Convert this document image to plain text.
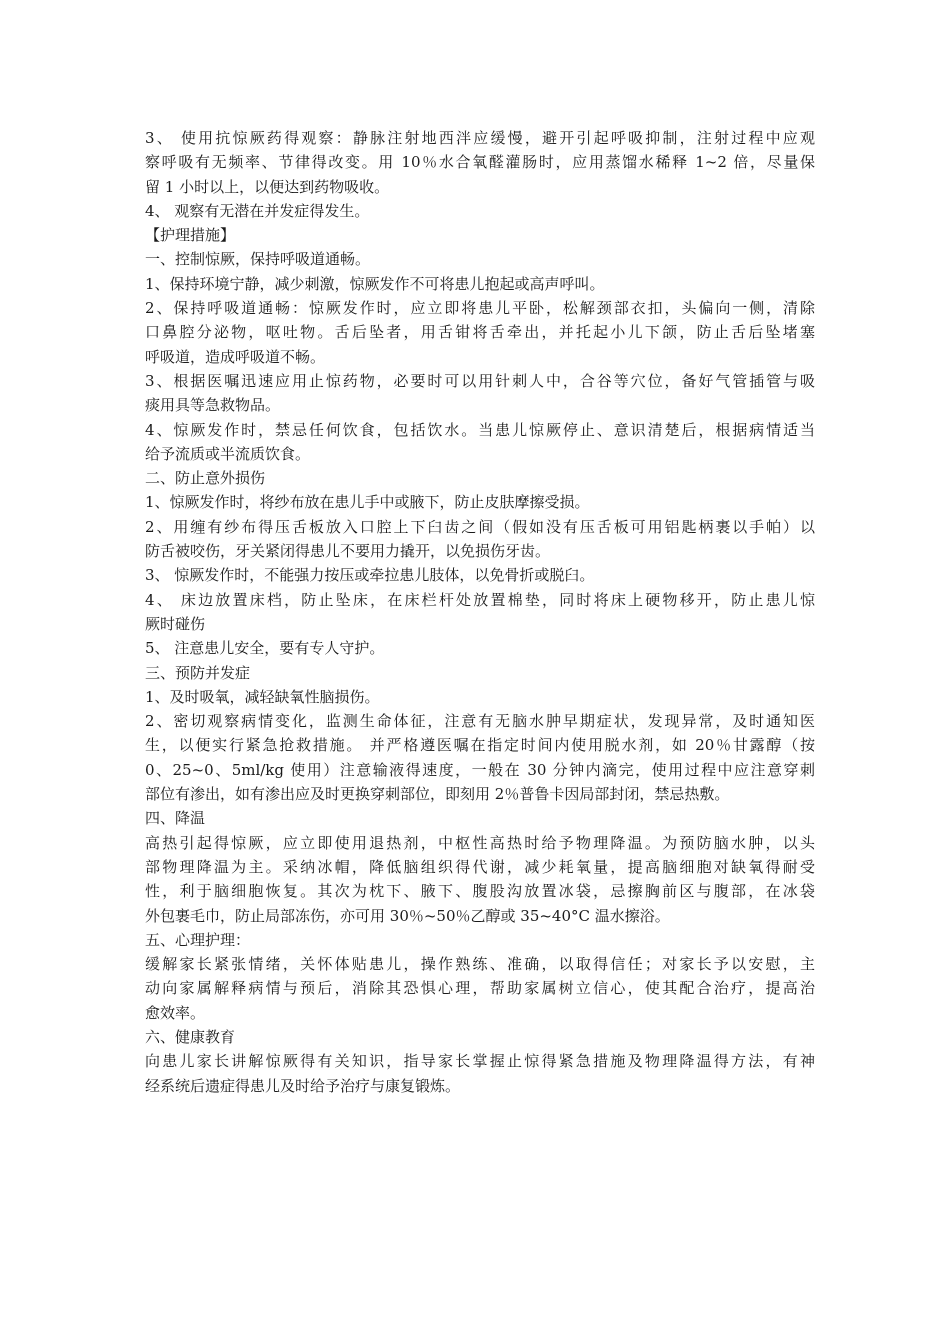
3、 使用抗惊厥药得观察：静脉注射地西泮应缓慢，避开引起呼吸抑制，注射过程中应观
察呼吸有无频率、节律得改变。用 10％水合氧醛灌肠时，应用蒸馏水稀释 1~2 倍，尽量保
留 1 小时以上，以便达到药物吸收。
4、 观察有无潜在并发症得发生。
【护理措施】
一、控制惊厥，保持呼吸道通畅。
1、保持环境宁静，减少刺激，惊厥发作不可将患儿抱起或高声呼叫。
2、保持呼吸道通畅：惊厥发作时，应立即将患儿平卧，松解颈部衣扣，头偏向一侧，清除
口鼻腔分泌物，呕吐物。舌后坠者，用舌钳将舌牵出，并托起小儿下颌，防止舌后坠堵塞
呼吸道，造成呼吸道不畅。
3、根据医嘱迅速应用止惊药物，必要时可以用针刺人中，合谷等穴位，备好气管插管与吸
痰用具等急救物品。
4、惊厥发作时，禁忌任何饮食，包括饮水。当患儿惊厥停止、意识清楚后，根据病情适当
给予流质或半流质饮食。
二、防止意外损伤
1、惊厥发作时，将纱布放在患儿手中或腋下，防止皮肤摩擦受损。
2、用缠有纱布得压舌板放入口腔上下臼齿之间（假如没有压舌板可用铝匙柄裹以手帕）以
防舌被咬伤，牙关紧闭得患儿不要用力撬开，以免损伤牙齿。
3、 惊厥发作时，不能强力按压或牵拉患儿肢体，以免骨折或脱臼。
4、 床边放置床档，防止坠床，在床栏杆处放置棉垫，同时将床上硬物移开，防止患儿惊
厥时碰伤
5、 注意患儿安全，要有专人守护。
三、预防并发症
1、及时吸氧，减轻缺氧性脑损伤。
2、密切观察病情变化，监测生命体征，注意有无脑水肿早期症状，发现异常，及时通知医
生，以便实行紧急抢救措施。 并严格遵医嘱在指定时间内使用脱水剂，如 20％甘露醇（按
0、25~0、5ml/kg 使用）注意输液得速度，一般在 30 分钟内滴完，使用过程中应注意穿刺
部位有渗出，如有渗出应及时更换穿刺部位，即刻用 2％普鲁卡因局部封闭，禁忌热敷。
四、降温
高热引起得惊厥，应立即使用退热剂，中枢性高热时给予物理降温。为预防脑水肿，以头
部物理降温为主。采纳冰帽，降低脑组织得代谢，减少耗氧量，提高脑细胞对缺氧得耐受
性，利于脑细胞恢复。其次为枕下、腋下、腹股沟放置冰袋，忌擦胸前区与腹部，在冰袋
外包裹毛巾，防止局部冻伤，亦可用 30％~50％乙醇或 35~40°C 温水擦浴。
五、心理护理：
缓解家长紧张情绪，关怀体贴患儿，操作熟练、准确，以取得信任；对家长予以安慰，主
动向家属解释病情与预后，消除其恐惧心理，帮助家属树立信心，使其配合治疗，提高治
愈效率。
六、健康教育
向患儿家长讲解惊厥得有关知识，指导家长掌握止惊得紧急措施及物理降温得方法，有神
经系统后遗症得患儿及时给予治疗与康复锻炼。
